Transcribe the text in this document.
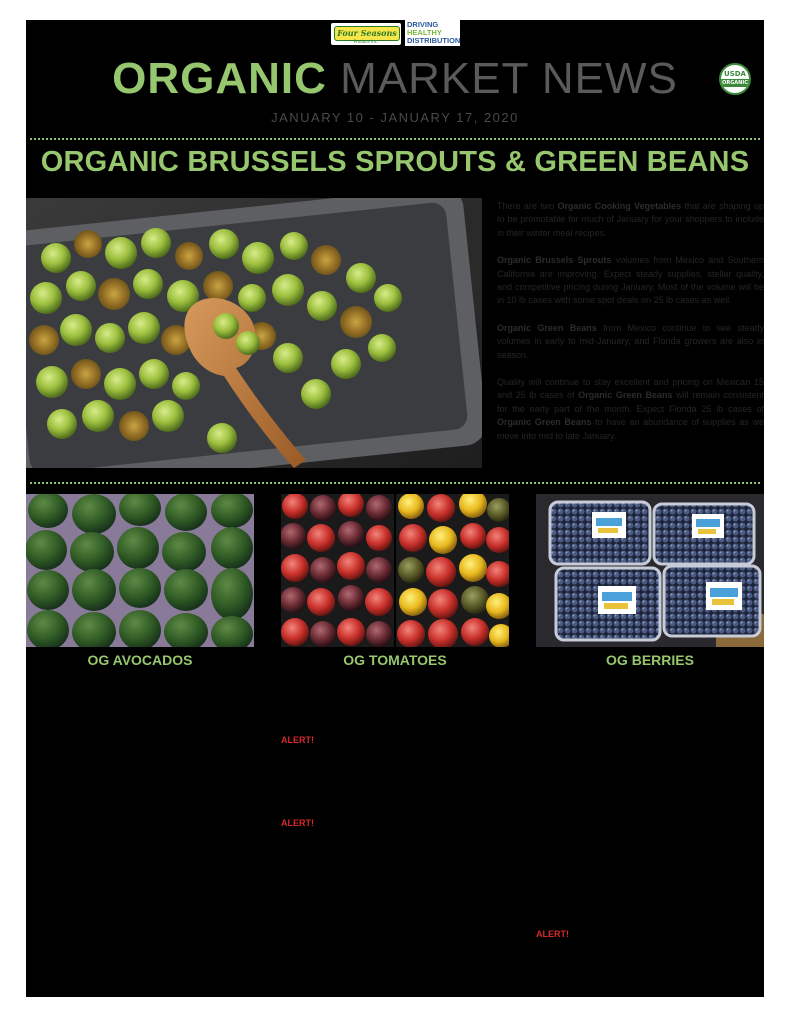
Four Seasons
Produce Inc.
DRIVING
HEALTHY
DISTRIBUTION
ORGANIC MARKET NEWS	USDA
ORGANIC
JANUARY 10 - JANUARY 17, 2020
ORGANIC BRUSSELS SPROUTS & GREEN BEANS

There are two Organic Cooking Vegetables that are shaping up to be promotable for much of January for your shoppers to include in their winter meal recipes.

Organic Brussels Sprouts volumes from Mexico and Southern California are improving. Expect steady supplies, stellar quality, and competitive pricing during January. Most of the volume will be in 10 lb cases with some spot deals on 25 lb cases as well.

Organic Green Beans from Mexico continue to see steady volumes in early to mid-January, and Florida growers are also in season.

Quality will continue to stay excellent and pricing on Mexican 15 and 25 lb cases of Organic Green Beans will remain consistent for the early part of the month. Expect Florida 25 lb cases of Organic Green Beans to have an abundance of supplies as we move into mid to late January.

OG AVOCADOS	OG TOMATOES	OG BERRIES
ALERT!
ALERT!
ALERT!
